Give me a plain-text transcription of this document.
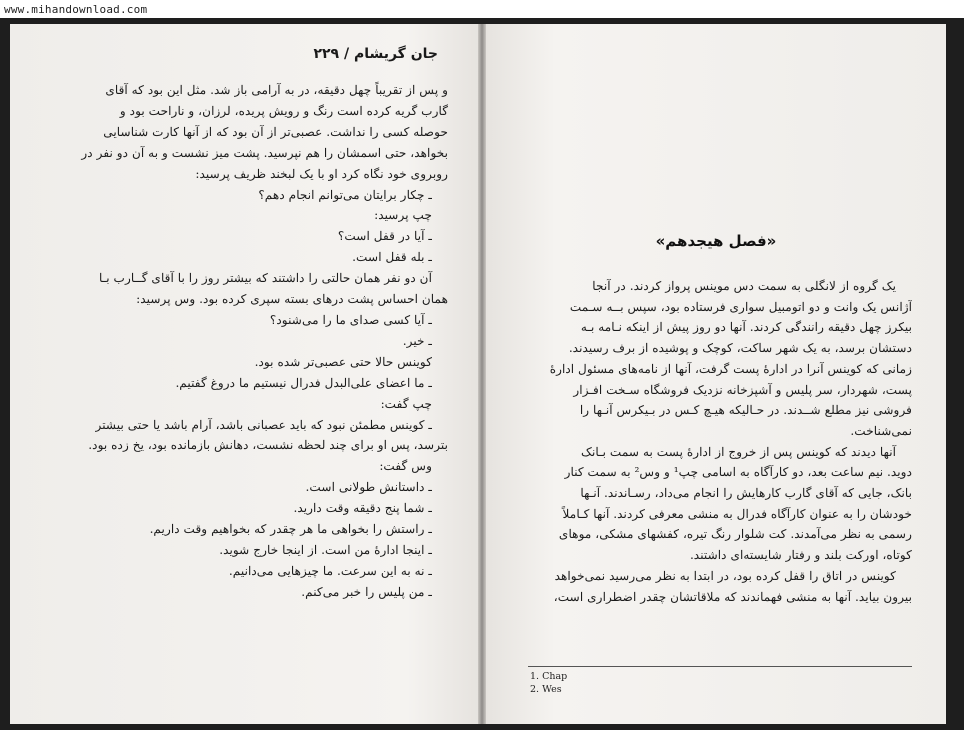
www.mihandownload.com
جان گریشام / ۲۲۹
و پس از تقریباً چهل دقیقه، در به آرامی باز شد. مثل این بود که آقای
گارب گریه کرده است رنگ و رویش پریده، لرزان، و ناراحت بود و
حوصله کسی را نداشت. عصبی‌تر از آن بود که از آنها کارت شناسایی
بخواهد، حتی اسمشان را هم نپرسید. پشت میز نشست و به آن دو نفر در
روبروی خود نگاه کرد او با یک لبخند ظریف پرسید:
ـ چکار برایتان می‌توانم انجام دهم؟
چپ پرسید:
ـ آیا در قفل است؟
ـ بله قفل است.
آن دو نفر همان حالتی را داشتند که بیشتر روز را با آقای گــارب بـا
همان احساس پشت درهای بسته سپری کرده بود. وس پرسید:
ـ آیا کسی صدای ما را می‌شنود؟
ـ خیر.
کوینس حالا حتی عصبی‌تر شده بود.
ـ ما اعضای علی‌البدل فدرال نیستیم ما دروغ گفتیم.
چپ گفت:
ـ کوینس مطمئن نبود که باید عصبانی باشد، آرام باشد یا حتی بیشتر
بترسد، پس او برای چند لحظه نشست، دهانش بازمانده بود، یخ زده بود.
وس گفت:
ـ داستانش طولانی است.
ـ شما پنج دقیقه وقت دارید.
ـ راستش را بخواهی ما هر چقدر که بخواهیم وقت داریم.
ـ اینجا ادارهٔ من است. از اینجا خارج شوید.
ـ نه به این سرعت. ما چیزهایی می‌دانیم.
ـ من پلیس را خبر می‌کنم.
«فصل هیجدهم»
یک گروه از لانگلی به سمت دس موینس پرواز کردند. در آنجا
آژانس یک وانت و دو اتومبیل سواری فرستاده بود، سپس بــه سـمت
بیکرز چهل دقیقه رانندگی کردند. آنها دو روز پیش از اینکه نـامه بـه
دستشان برسد، به یک شهر ساکت، کوچک و پوشیده از برف رسیدند.
زمانی که کوینس آنرا در ادارهٔ پست گرفت، آنها از نامه‌های مسئول ادارهٔ
پست، شهردار، سر پلیس و آشپزخانه نزدیک فروشگاه سـخت افـزار
فروشی نیز مطلع شــدند. در حـالیکه هیـچ کـس در بـیکرس آنـها را
نمی‌شناخت.
آنها دیدند که کوینس پس از خروج از ادارهٔ پست به سمت بـانک
دوید. نیم ساعت بعد، دو کارآگاه به اسامی چپ¹ و وس² به سمت کنار
بانک، جایی که آقای گارب کارهایش را انجام می‌داد، رسـاندند. آنـها
خودشان را به عنوان کارآگاه فدرال به منشی معرفی کردند. آنها کـاملاً
رسمی به نظر می‌آمدند. کت شلوار رنگ تیره، کفشهای مشکی، موهای
کوتاه، اورکت بلند و رفتار شایسته‌ای داشتند.
کوینس در اتاق را قفل کرده بود، در ابتدا به نظر می‌رسید نمی‌خواهد
بیرون بیاید. آنها به منشی فهماندند که ملاقاتشان چقدر اضطراری است،
1. Chap
2. Wes
